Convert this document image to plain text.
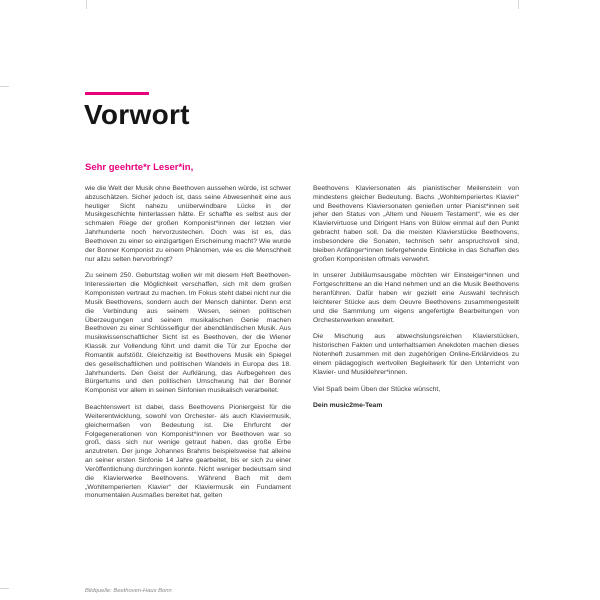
Vorwort
Sehr geehrte*r Leser*in,

wie die Welt der Musik ohne Beethoven aussehen würde, ist schwer abzuschätzen. Sicher jedoch ist, dass seine Abwesenheit eine aus heutiger Sicht nahezu unüberwindbare Lücke in der Musikgeschichte hinterlassen hätte. Er schaffte es selbst aus der schmalen Riege der großen Komponist*innen der letzten vier Jahrhunderte noch hervorzustechen. Doch was ist es, das Beethoven zu einer so einzigartigen Erscheinung macht? Wie wurde der Bonner Komponist zu einem Phänomen, wie es die Menschheit nur allzu selten hervorbringt?

Zu seinem 250. Geburtstag wollen wir mit diesem Heft Beethoven-Interessierten die Möglichkeit verschaffen, sich mit dem großen Komponisten vertraut zu machen. Im Fokus steht dabei nicht nur die Musik Beethovens, sondern auch der Mensch dahinter. Denn erst die Verbindung aus seinem Wesen, seinen politischen Überzeugungen und seinem musikalischen Genie machen Beethoven zu einer Schlüsselfigur der abendländischen Musik. Aus musikwissenschaftlicher Sicht ist es Beethoven, der die Wiener Klassik zur Vollendung führt und damit die Tür zur Epoche der Romantik aufstößt. Gleichzeitig ist Beethovens Musik ein Spiegel des gesellschaftlichen und politischen Wandels in Europa des 18. Jahrhunderts. Den Geist der Aufklärung, das Aufbegehren des Bürgertums und den politischen Umschwung hat der Bonner Komponist vor allem in seinen Sinfonien musikalisch verarbeitet.

Beachtenswert ist dabei, dass Beethovens Pioniergeist für die Weiterentwicklung, sowohl von Orchester- als auch Klaviermusik, gleichermaßen von Bedeutung ist. Die Ehrfurcht der Folgegenerationen von Komponist*innen vor Beethoven war so groß, dass sich nur wenige getraut haben, das große Erbe anzutreten. Der junge Johannes Brahms beispielsweise hat alleine an seiner ersten Sinfonie 14 Jahre gearbeitet, bis er sich zu einer Veröffentlichung durchringen konnte. Nicht weniger bedeutsam sind die Klavierwerke Beethovens. Während Bach mit dem „Wohltemperierten Klavier“ der Klaviermusik ein Fundament monumentalen Ausmaßes bereitet hat, gelten

Beethovens Klaviersonaten als pianistischer Meilenstein von mindestens gleicher Bedeutung. Bachs „Wohltemperiertes Klavier“ und Beethovens Klaviersonaten genießen unter Pianist*innen seit jeher den Status von „Altem und Neuem Testament“, wie es der Klaviervirtuose und Dirigent Hans von Bülow einmal auf den Punkt gebracht haben soll. Da die meisten Klavierstücke Beethovens, insbesondere die Sonaten, technisch sehr anspruchsvoll sind, bleiben Anfänger*innen tiefergehende Einblicke in das Schaffen des großen Komponisten oftmals verwehrt.

In unserer Jubiläumsausgabe möchten wir Einsteiger*innen und Fortgeschrittene an die Hand nehmen und an die Musik Beethovens heranführen. Dafür haben wir gezielt eine Auswahl technisch leichterer Stücke aus dem Oeuvre Beethovens zusammengestellt und die Sammlung um eigens angefertigte Bearbeitungen von Orchesterwerken erweitert.

Die Mischung aus abwechslungsreichen Klavierstücken, historischen Fakten und unterhaltsamen Anekdoten machen dieses Notenheft zusammen mit den zugehörigen Online-Erklärvideos zu einem pädagogisch wertvollen Begleitwerk für den Unterricht von Klavier- und Musiklehrer*innen.

Viel Spaß beim Üben der Stücke wünscht,

Dein music2me-Team

Bildquelle: Beethoven-Haus Bonn
